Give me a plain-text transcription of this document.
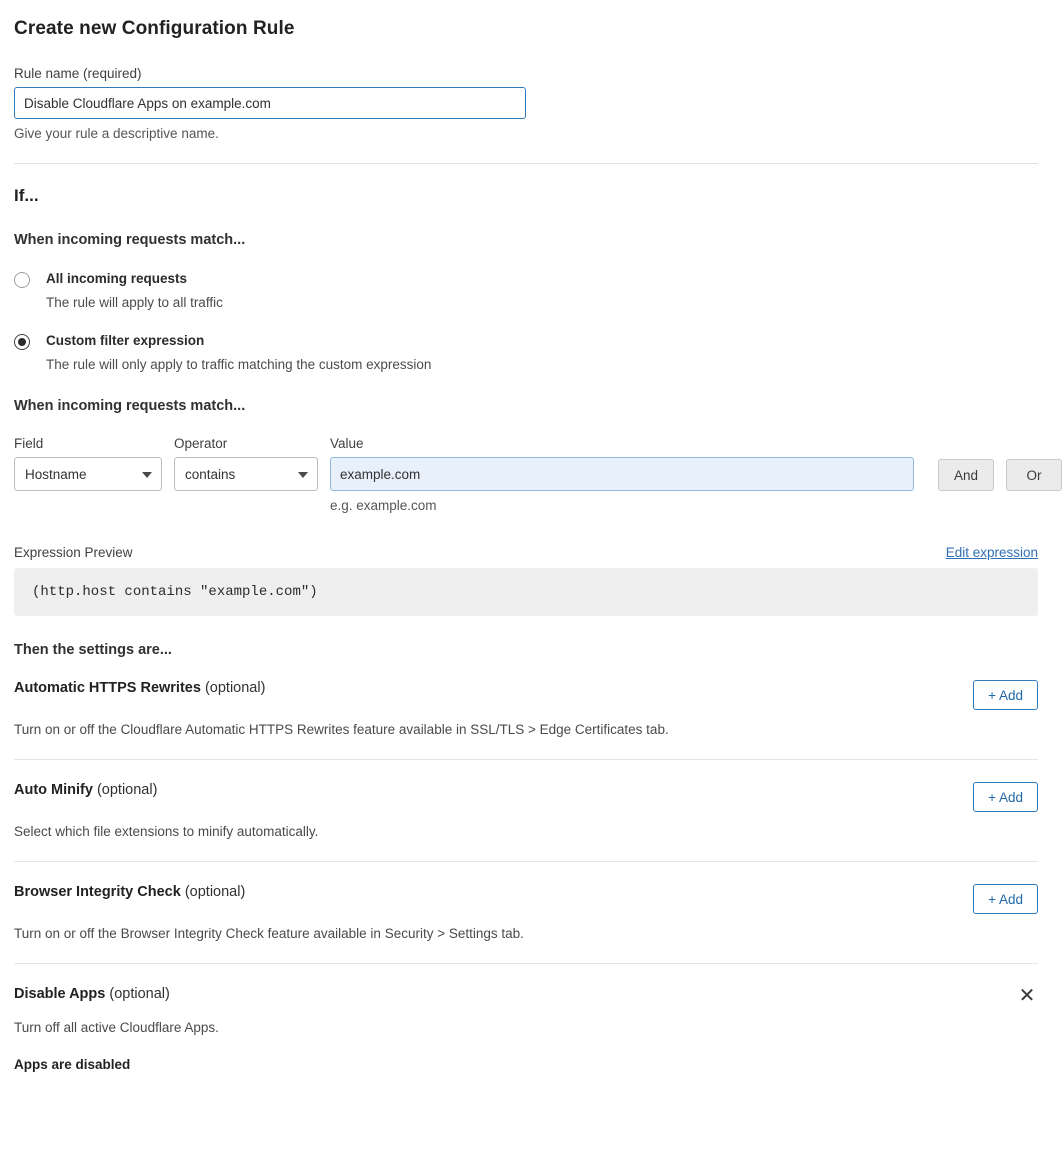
Create new Configuration Rule
Rule name (required)
Disable Cloudflare Apps on example.com
Give your rule a descriptive name.
If...
When incoming requests match...
All incoming requests
The rule will apply to all traffic
Custom filter expression
The rule will only apply to traffic matching the custom expression
When incoming requests match...
Field
Hostname
Operator
contains
Value
example.com
e.g. example.com
And	Or
Expression Preview	Edit expression
(http.host contains "example.com")
Then the settings are...
Automatic HTTPS Rewrites (optional)	+ Add
Turn on or off the Cloudflare Automatic HTTPS Rewrites feature available in SSL/TLS > Edge Certificates tab.
Auto Minify (optional)	+ Add
Select which file extensions to minify automatically.
Browser Integrity Check (optional)	+ Add
Turn on or off the Browser Integrity Check feature available in Security > Settings tab.
Disable Apps (optional)	✕
Turn off all active Cloudflare Apps.
Apps are disabled
